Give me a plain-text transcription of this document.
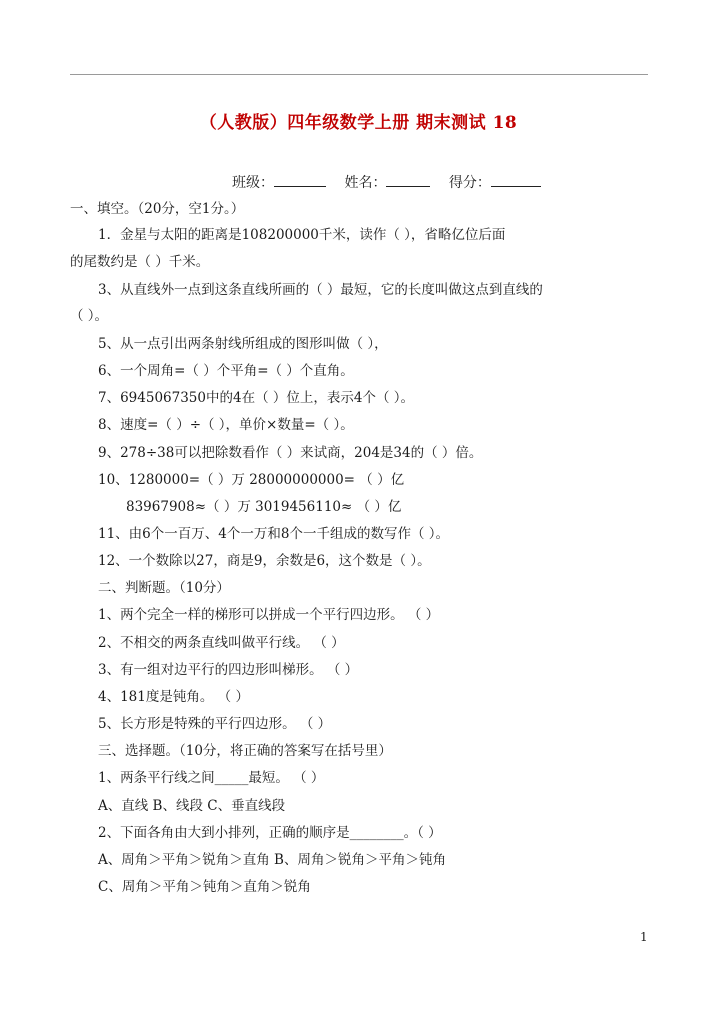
（人教版）四年级数学上册 期末测试 18
班级：	姓名：	得分：
一、填空。（20分，空1分。）
1．金星与太阳的距离是108200000千米，读作（ ），省略亿位后面
的尾数约是（ ）千米。
3、从直线外一点到这条直线所画的（ ）最短，它的长度叫做这点到直线的
（ ）。
5、从一点引出两条射线所组成的图形叫做（ ），
6、一个周角=（ ）个平角=（ ）个直角。
7、6945067350中的4在（ ）位上，表示4个（ ）。
8、速度=（ ）÷（ ），单价×数量=（ ）。
9、278÷38可以把除数看作（ ）来试商，204是34的（ ）倍。
10、1280000=（ ）万 28000000000= （ ）亿
83967908≈（ ）万 3019456110≈ （ ）亿
11、由6个一百万、4个一万和8个一千组成的数写作（ ）。
12、一个数除以27，商是9，余数是6，这个数是（ ）。
二、判断题。（10分）
1、两个完全一样的梯形可以拼成一个平行四边形。 （ ）
2、不相交的两条直线叫做平行线。 （ ）
3、有一组对边平行的四边形叫梯形。 （ ）
4、181度是钝角。 （ ）
5、长方形是特殊的平行四边形。 （ ）
三、选择题。（10分，将正确的答案写在括号里）
1、两条平行线之间_____最短。 （ ）
A、直线 B、线段 C、垂直线段
2、下面各角由大到小排列，正确的顺序是________。（ ）
A、周角＞平角＞锐角＞直角 B、周角＞锐角＞平角＞钝角
C、周角＞平角＞钝角＞直角＞锐角
1
